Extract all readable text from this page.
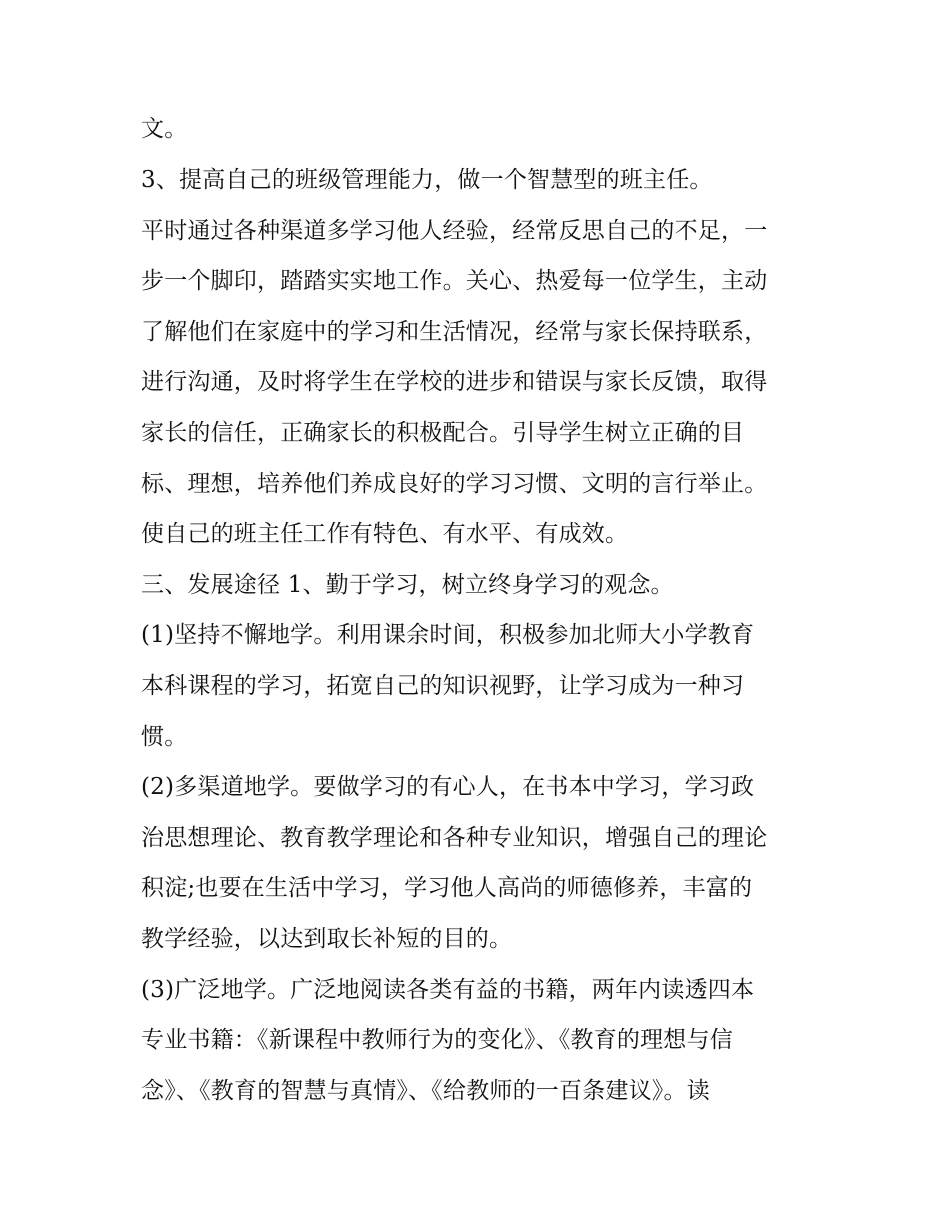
文。
3、提高自己的班级管理能力，做一个智慧型的班主任。
平时通过各种渠道多学习他人经验，经常反思自己的不足，一
步一个脚印，踏踏实实地工作。关心、热爱每一位学生，主动
了解他们在家庭中的学习和生活情况，经常与家长保持联系，
进行沟通，及时将学生在学校的进步和错误与家长反馈，取得
家长的信任，正确家长的积极配合。引导学生树立正确的目
标、理想，培养他们养成良好的学习习惯、文明的言行举止。
使自己的班主任工作有特色、有水平、有成效。
三、发展途径 1、勤于学习，树立终身学习的观念。
(1)坚持不懈地学。利用课余时间，积极参加北师大小学教育
本科课程的学习，拓宽自己的知识视野，让学习成为一种习
惯。
(2)多渠道地学。要做学习的有心人，在书本中学习，学习政
治思想理论、教育教学理论和各种专业知识，增强自己的理论
积淀;也要在生活中学习，学习他人高尚的师德修养，丰富的
教学经验，以达到取长补短的目的。
(3)广泛地学。广泛地阅读各类有益的书籍，两年内读透四本
专业书籍：《新课程中教师行为的变化》、《教育的理想与信
念》、《教育的智慧与真情》、《给教师的一百条建议》。读
